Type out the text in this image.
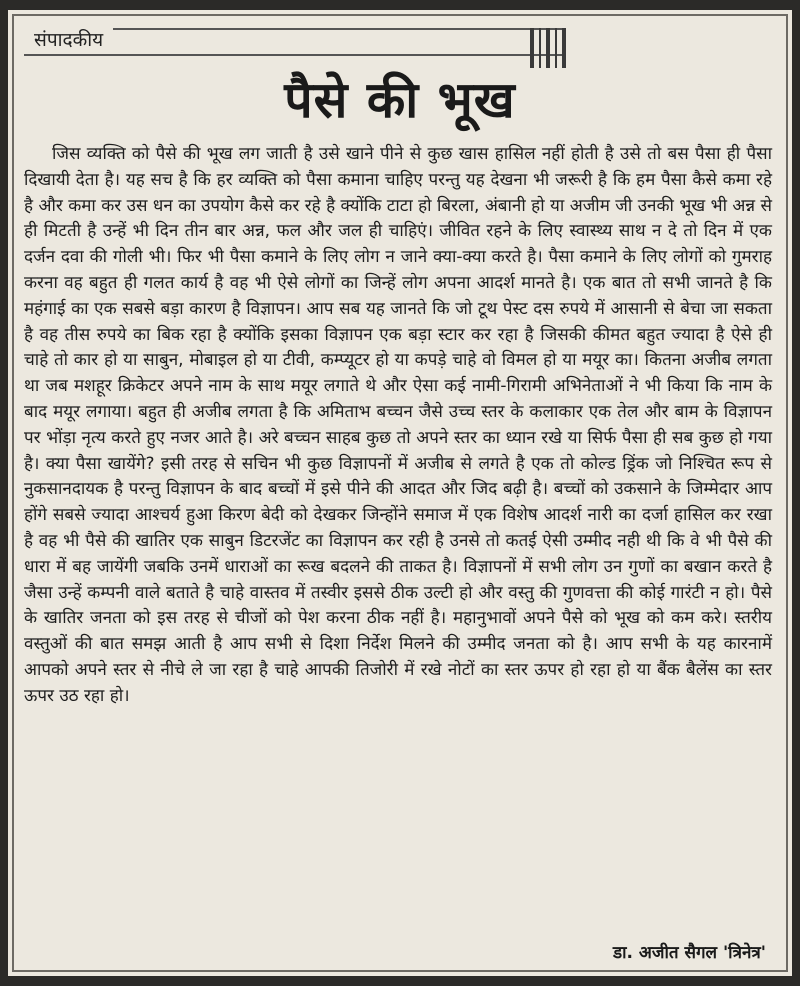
संपादकीय
पैसे की भूख

जिस व्यक्ति को पैसे की भूख लग जाती है उसे खाने पीने से कुछ खास हासिल नहीं होती है उसे तो बस पैसा ही पैसा दिखायी देता है। यह सच है कि हर व्यक्ति को पैसा कमाना चाहिए परन्तु यह देखना भी जरूरी है कि हम पैसा कैसे कमा रहे है और कमा कर उस धन का उपयोग कैसे कर रहे है क्योंकि टाटा हो बिरला, अंबानी हो या अजीम जी उनकी भूख भी अन्न से ही मिटती है उन्हें भी दिन तीन बार अन्न, फल और जल ही चाहिएं। जीवित रहने के लिए स्वास्थ्य साथ न दे तो दिन में एक दर्जन दवा की गोली भी। फिर भी पैसा कमाने के लिए लोग न जाने क्या-क्या करते है। पैसा कमाने के लिए लोगों को गुमराह करना वह बहुत ही गलत कार्य है वह भी ऐसे लोगों का जिन्हें लोग अपना आदर्श मानते है। एक बात तो सभी जानते है कि महंगाई का एक सबसे बड़ा कारण है विज्ञापन। आप सब यह जानते कि जो टूथ पेस्ट दस रुपये में आसानी से बेचा जा सकता है वह तीस रुपये का बिक रहा है क्योंकि इसका विज्ञापन एक बड़ा स्टार कर रहा है जिसकी कीमत बहुत ज्यादा है ऐसे ही चाहे तो कार हो या साबुन, मोबाइल हो या टीवी, कम्प्यूटर हो या कपड़े चाहे वो विमल हो या मयूर का। कितना अजीब लगता था जब मशहूर क्रिकेटर अपने नाम के साथ मयूर लगाते थे और ऐसा कई नामी-गिरामी अभिनेताओं ने भी किया कि नाम के बाद मयूर लगाया। बहुत ही अजीब लगता है कि अमिताभ बच्चन जैसे उच्च स्तर के कलाकार एक तेल और बाम के विज्ञापन पर भोंड़ा नृत्य करते हुए नजर आते है। अरे बच्चन साहब कुछ तो अपने स्तर का ध्यान रखे या सिर्फ पैसा ही सब कुछ हो गया है। क्या पैसा खायेंगे? इसी तरह से सचिन भी कुछ विज्ञापनों में अजीब से लगते है एक तो कोल्ड ड्रिंक जो निश्चित रूप से नुकसानदायक है परन्तु विज्ञापन के बाद बच्चों में इसे पीने की आदत और जिद बढ़ी है। बच्चों को उकसाने के जिम्मेदार आप होंगे सबसे ज्यादा आश्चर्य हुआ किरण बेदी को देखकर जिन्होंने समाज में एक विशेष आदर्श नारी का दर्जा हासिल कर रखा है वह भी पैसे की खातिर एक साबुन डिटरजेंट का विज्ञापन कर रही है उनसे तो कतई ऐसी उम्मीद नही थी कि वे भी पैसे की धारा में बह जायेंगी जबकि उनमें धाराओं का रूख बदलने की ताकत है। विज्ञापनों में सभी लोग उन गुणों का बखान करते है जैसा उन्हें कम्पनी वाले बताते है चाहे वास्तव में तस्वीर इससे ठीक उल्टी हो और वस्तु की गुणवत्ता की कोई गारंटी न हो। पैसे के खातिर जनता को इस तरह से चीजों को पेश करना ठीक नहीं है। महानुभावों अपने पैसे को भूख को कम करे। स्तरीय वस्तुओं की बात समझ आती है आप सभी से दिशा निर्देश मिलने की उम्मीद जनता को है। आप सभी के यह कारनामें आपको अपने स्तर से नीचे ले जा रहा है चाहे आपकी तिजोरी में रखे नोटों का स्तर ऊपर हो रहा हो या बैंक बैलेंस का स्तर ऊपर उठ रहा हो।

डा. अजीत सैगल 'त्रिनेत्र'
